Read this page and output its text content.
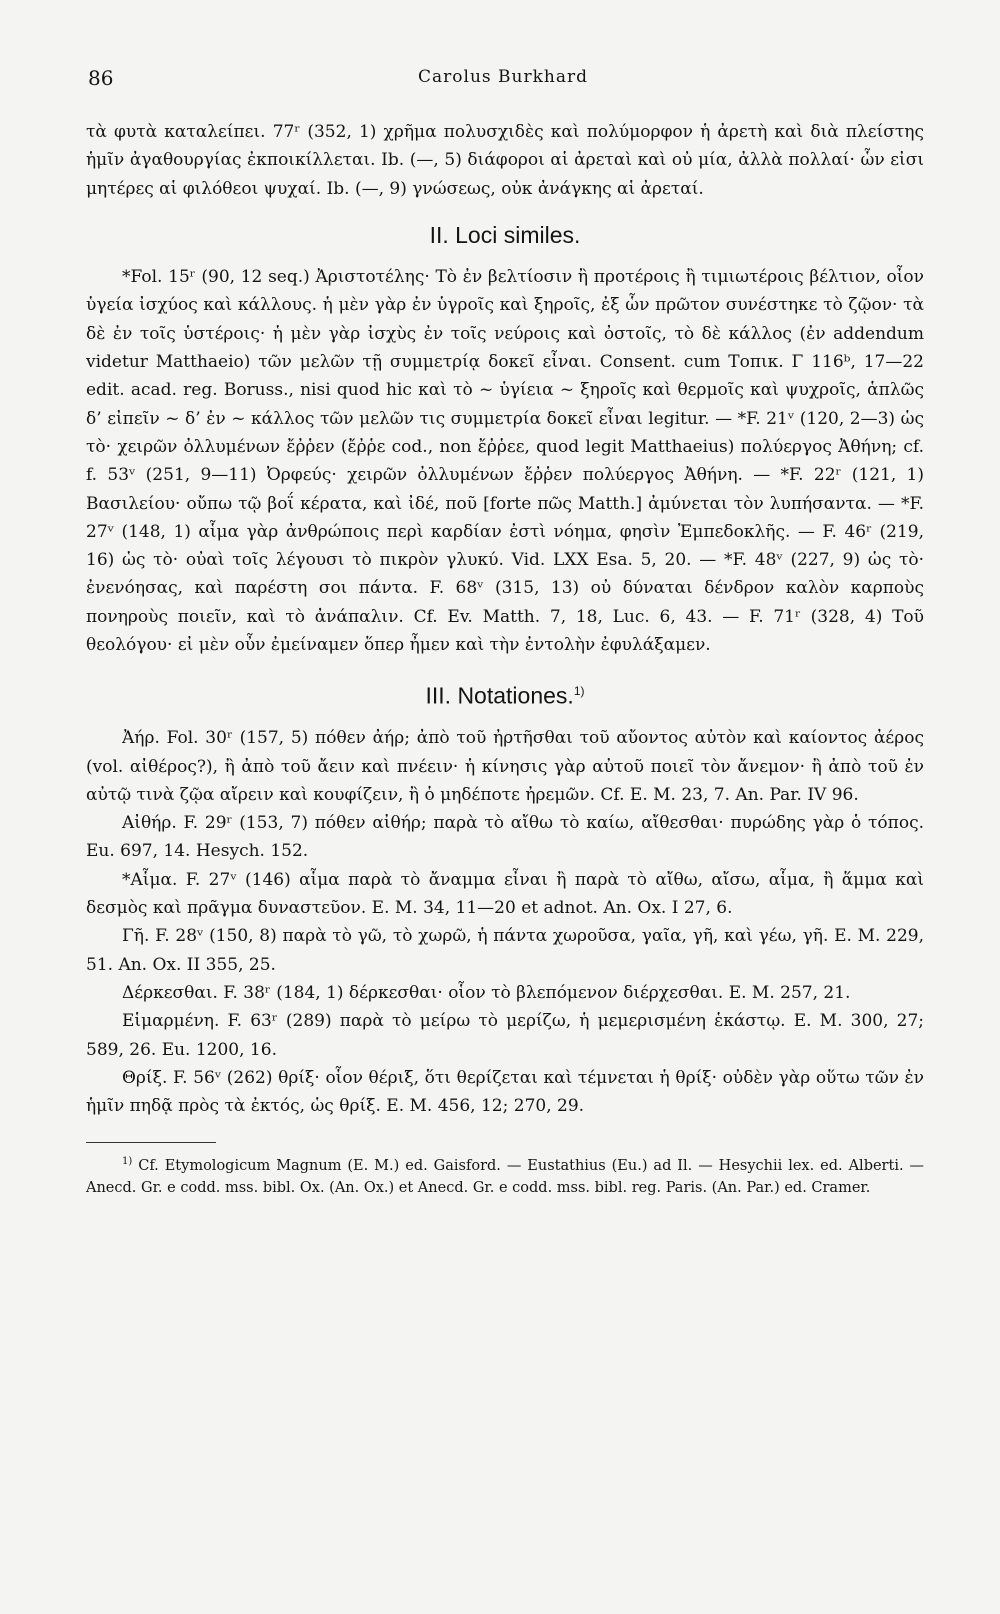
86	Carolus Burkhard

τὰ φυτὰ καταλείπει. 77ʳ (352, 1) χρῆμα πολυσχιδὲς καὶ πολύμορφον ἡ ἀρετὴ καὶ διὰ πλείστης ἡμῖν ἀγαθουργίας ἐκποικίλλεται. Ib. (—, 5) διάφοροι αἱ ἀρεταὶ καὶ οὐ μία, ἀλλὰ πολλαί· ὧν εἰσι μητέρες αἱ φιλόθεοι ψυχαί. Ib. (—, 9) γνώσεως, οὐκ ἀνάγκης αἱ ἀρεταί.

II. Loci similes.

*Fol. 15ʳ (90, 12 seq.) Ἀριστοτέλης· Τὸ ἐν βελτίοσιν ἢ προτέροις ἢ τιμιωτέροις βέλτιον, οἷον ὑγεία ἰσχύος καὶ κάλλους. ἡ μὲν γὰρ ἐν ὑγροῖς καὶ ξηροῖς, ἐξ ὧν πρῶτον συνέστηκε τὸ ζῷον· τὰ δὲ ἐν τοῖς ὑστέροις· ἡ μὲν γὰρ ἰσχὺς ἐν τοῖς νεύροις καὶ ὀστοῖς, τὸ δὲ κάλλος (ἐν addendum videtur Matthaeio) τῶν μελῶν τῇ συμμετρίᾳ δοκεῖ εἶναι. Consent. cum Τοπικ. Γ 116ᵇ, 17—22 edit. acad. reg. Boruss., nisi quod hic καὶ τὸ ~ ὑγίεια ~ ξηροῖς καὶ θερμοῖς καὶ ψυχροῖς, ἁπλῶς δ’ εἰπεῖν ~ δ’ ἐν ~ κάλλος τῶν μελῶν τις συμμετρία δοκεῖ εἶναι legitur. — *F. 21ᵛ (120, 2—3) ὡς τὸ· χειρῶν ὀλλυμένων ἔῤῥεν (ἔῤῥε cod., non ἔῤῥεε, quod legit Matthaeius) πολύεργος Ἀθήνη; cf. f. 53ᵛ (251, 9—11) Ὀρφεύς· χειρῶν ὀλλυμένων ἔῤῥεν πολύεργος Ἀθήνη. — *F. 22ʳ (121, 1) Βασιλείου· οὔπω τῷ βοΐ κέρατα, καὶ ἰδέ, ποῦ [forte πῶς Matth.] ἀμύνεται τὸν λυπήσαντα. — *F. 27ᵛ (148, 1) αἷμα γὰρ ἀνθρώποις περὶ καρδίαν ἐστὶ νόημα, φησὶν Ἐμπεδοκλῆς. — F. 46ʳ (219, 16) ὡς τὸ· οὐαὶ τοῖς λέγουσι τὸ πικρὸν γλυκύ. Vid. LXX Esa. 5, 20. — *F. 48ᵛ (227, 9) ὡς τὸ· ἐνενόησας, καὶ παρέστη σοι πάντα. F. 68ᵛ (315, 13) οὐ δύναται δένδρον καλὸν καρποὺς πονηροὺς ποιεῖν, καὶ τὸ ἀνάπαλιν. Cf. Ev. Matth. 7, 18, Luc. 6, 43. — F. 71ʳ (328, 4) Τοῦ θεολόγου· εἰ μὲν οὖν ἐμείναμεν ὅπερ ἦμεν καὶ τὴν ἐντολὴν ἐφυλάξαμεν.

III. Notationes.$^{1)}$

Ἀήρ. Fol. 30ʳ (157, 5) πόθεν ἀήρ; ἀπὸ τοῦ ἠρτῆσθαι τοῦ αὔοντος αὐτὸν καὶ καίοντος ἀέρος (vol. αἰθέρος?), ἢ ἀπὸ τοῦ ἄειν καὶ πνέειν· ἡ κίνησις γὰρ αὐτοῦ ποιεῖ τὸν ἄνεμον· ἢ ἀπὸ τοῦ ἐν αὐτῷ τινὰ ζῷα αἴρειν καὶ κουφίζειν, ἢ ὁ μηδέποτε ἠρεμῶν. Cf. E. M. 23, 7. An. Par. IV 96.

Αἰθήρ. F. 29ʳ (153, 7) πόθεν αἰθήρ; παρὰ τὸ αἴθω τὸ καίω, αἴθεσθαι· πυρώδης γὰρ ὁ τόπος. Eu. 697, 14. Hesych. 152.

*Αἷμα. F. 27ᵛ (146) αἷμα παρὰ τὸ ἄναμμα εἶναι ἢ παρὰ τὸ αἴθω, αἴσω, αἷμα, ἢ ἅμμα καὶ δεσμὸς καὶ πρᾶγμα δυναστεῦον. E. M. 34, 11—20 et adnot. An. Ox. I 27, 6.

Γῆ. F. 28ᵛ (150, 8) παρὰ τὸ γῶ, τὸ χωρῶ, ἡ πάντα χωροῦσα, γαῖα, γῆ, καὶ γέω, γῆ. E. M. 229, 51. An. Ox. II 355, 25.

Δέρκεσθαι. F. 38ʳ (184, 1) δέρκεσθαι· οἷον τὸ βλεπόμενον διέρχεσθαι. E. M. 257, 21.

Εἱμαρμένη. F. 63ʳ (289) παρὰ τὸ μείρω τὸ μερίζω, ἡ μεμερισμένη ἑκάστῳ. E. M. 300, 27; 589, 26. Eu. 1200, 16.

Θρίξ. F. 56ᵛ (262) θρίξ· οἷον θέριξ, ὅτι θερίζεται καὶ τέμνεται ἡ θρίξ· οὐδὲν γὰρ οὕτω τῶν ἐν ἡμῖν πηδᾷ πρὸς τὰ ἐκτός, ὡς θρίξ. E. M. 456, 12; 270, 29.

$^{1)}$ Cf. Etymologicum Magnum (E. M.) ed. Gaisford. — Eustathius (Eu.) ad Il. — Hesychii lex. ed. Alberti. — Anecd. Gr. e codd. mss. bibl. Ox. (An. Ox.) et Anecd. Gr. e codd. mss. bibl. reg. Paris. (An. Par.) ed. Cramer.
